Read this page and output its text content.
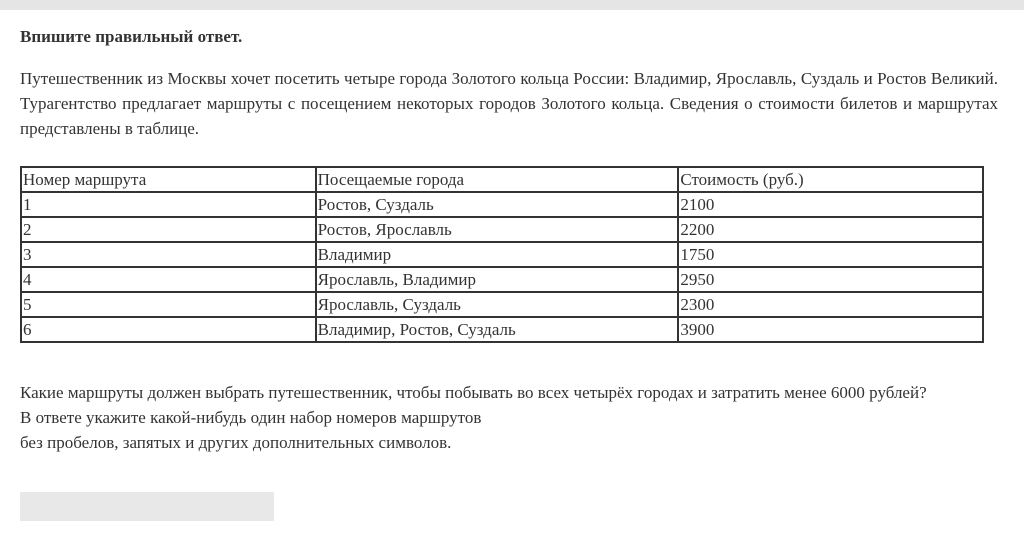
Впишите правильный ответ.

Путешественник из Москвы хочет посетить четыре города Золотого кольца России: Владимир, Ярославль, Суздаль и Ростов Великий. Турагентство предлагает маршруты с посещением некоторых городов Золотого кольца. Сведения о стоимости билетов и маршрутах представлены в таблице.

Номер маршрута	Посещаемые города	Стоимость (руб.)
1	Ростов, Суздаль	2100
2	Ростов, Ярославль	2200
3	Владимир	1750
4	Ярославль, Владимир	2950
5	Ярославль, Суздаль	2300
6	Владимир, Ростов, Суздаль	3900
Какие маршруты должен выбрать путешественник, чтобы побывать во всех четырёх городах и затратить менее 6000 рублей?
В ответе укажите какой-нибудь один набор номеров маршрутов
без пробелов, запятых и других дополнительных символов.
